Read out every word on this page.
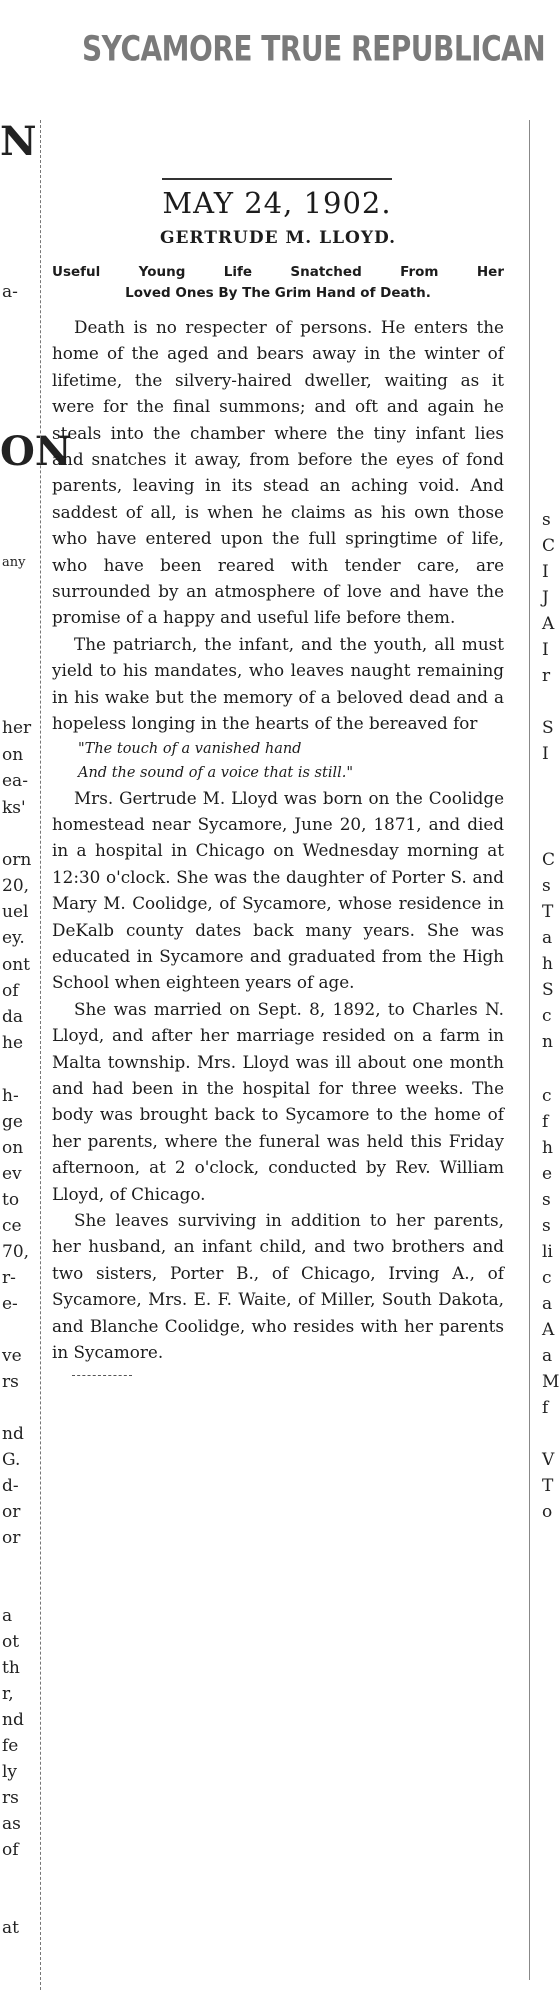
SYCAMORE TRUE REPUBLICAN
N
a-
ON
any
her
on
ea-
ks'
orn
20,
uel
ey.
ont
of
da
he
h-
ge
on
ev
to
ce
70,
r-
e-
ve
rs
nd
G.
d-
or
or
a
ot
th
r,
nd
fe
ly
rs
as
of
at
s
C
I
J
A
I
r
S
I
C
s
T
a
h
S
c
n
c
f
h
e
s
s
li
c
a
A
a
M
f
V
T
o
MAY 24, 1902.
GERTRUDE M. LLOYD.
Useful Young Life Snatched From Her
Loved Ones By The Grim Hand of Death.

Death is no respecter of persons. He enters the home of the aged and bears away in the winter of lifetime, the silvery-haired dweller, waiting as it were for the final summons; and oft and again he steals into the chamber where the tiny infant lies and snatches it away, from before the eyes of fond parents, leaving in its stead an aching void. And saddest of all, is when he claims as his own those who have entered upon the full springtime of life, who have been reared with tender care, are surrounded by an atmosphere of love and have the promise of a happy and useful life before them.

The patriarch, the infant, and the youth, all must yield to his mandates, who leaves naught remaining in his wake but the memory of a beloved dead and a hopeless longing in the hearts of the bereaved for

"The touch of a vanished hand
And the sound of a voice that is still."

Mrs. Gertrude M. Lloyd was born on the Coolidge homestead near Sycamore, June 20, 1871, and died in a hospital in Chicago on Wednesday morning at 12:30 o'clock. She was the daughter of Porter S. and Mary M. Coolidge, of Sycamore, whose residence in DeKalb county dates back many years. She was educated in Sycamore and graduated from the High School when eighteen years of age.

She was married on Sept. 8, 1892, to Charles N. Lloyd, and after her marriage resided on a farm in Malta township. Mrs. Lloyd was ill about one month and had been in the hospital for three weeks. The body was brought back to Sycamore to the home of her parents, where the funeral was held this Friday afternoon, at 2 o'clock, conducted by Rev. William Lloyd, of Chicago.

She leaves surviving in addition to her parents, her husband, an infant child, and two brothers and two sisters, Porter B., of Chicago, Irving A., of Sycamore, Mrs. E. F. Waite, of Miller, South Dakota, and Blanche Coolidge, who resides with her parents in Sycamore.
